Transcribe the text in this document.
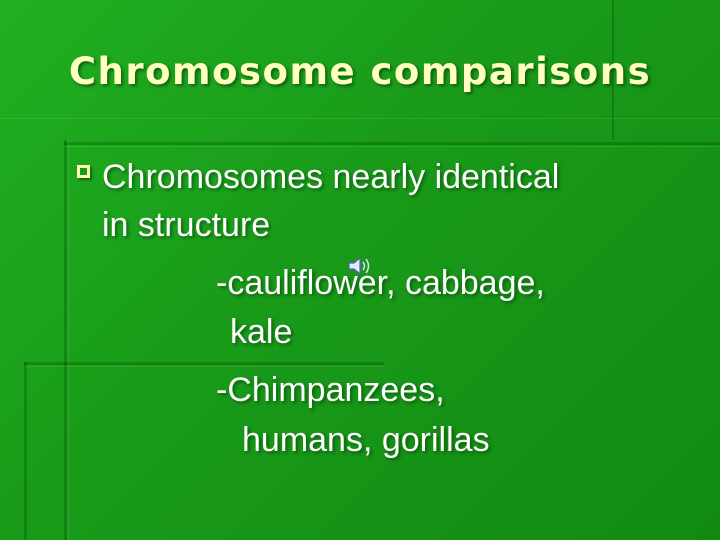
Chromosome comparisons
Chromosomes nearly identical
in structure
-cauliflower, cabbage,
kale
-Chimpanzees,
humans, gorillas
